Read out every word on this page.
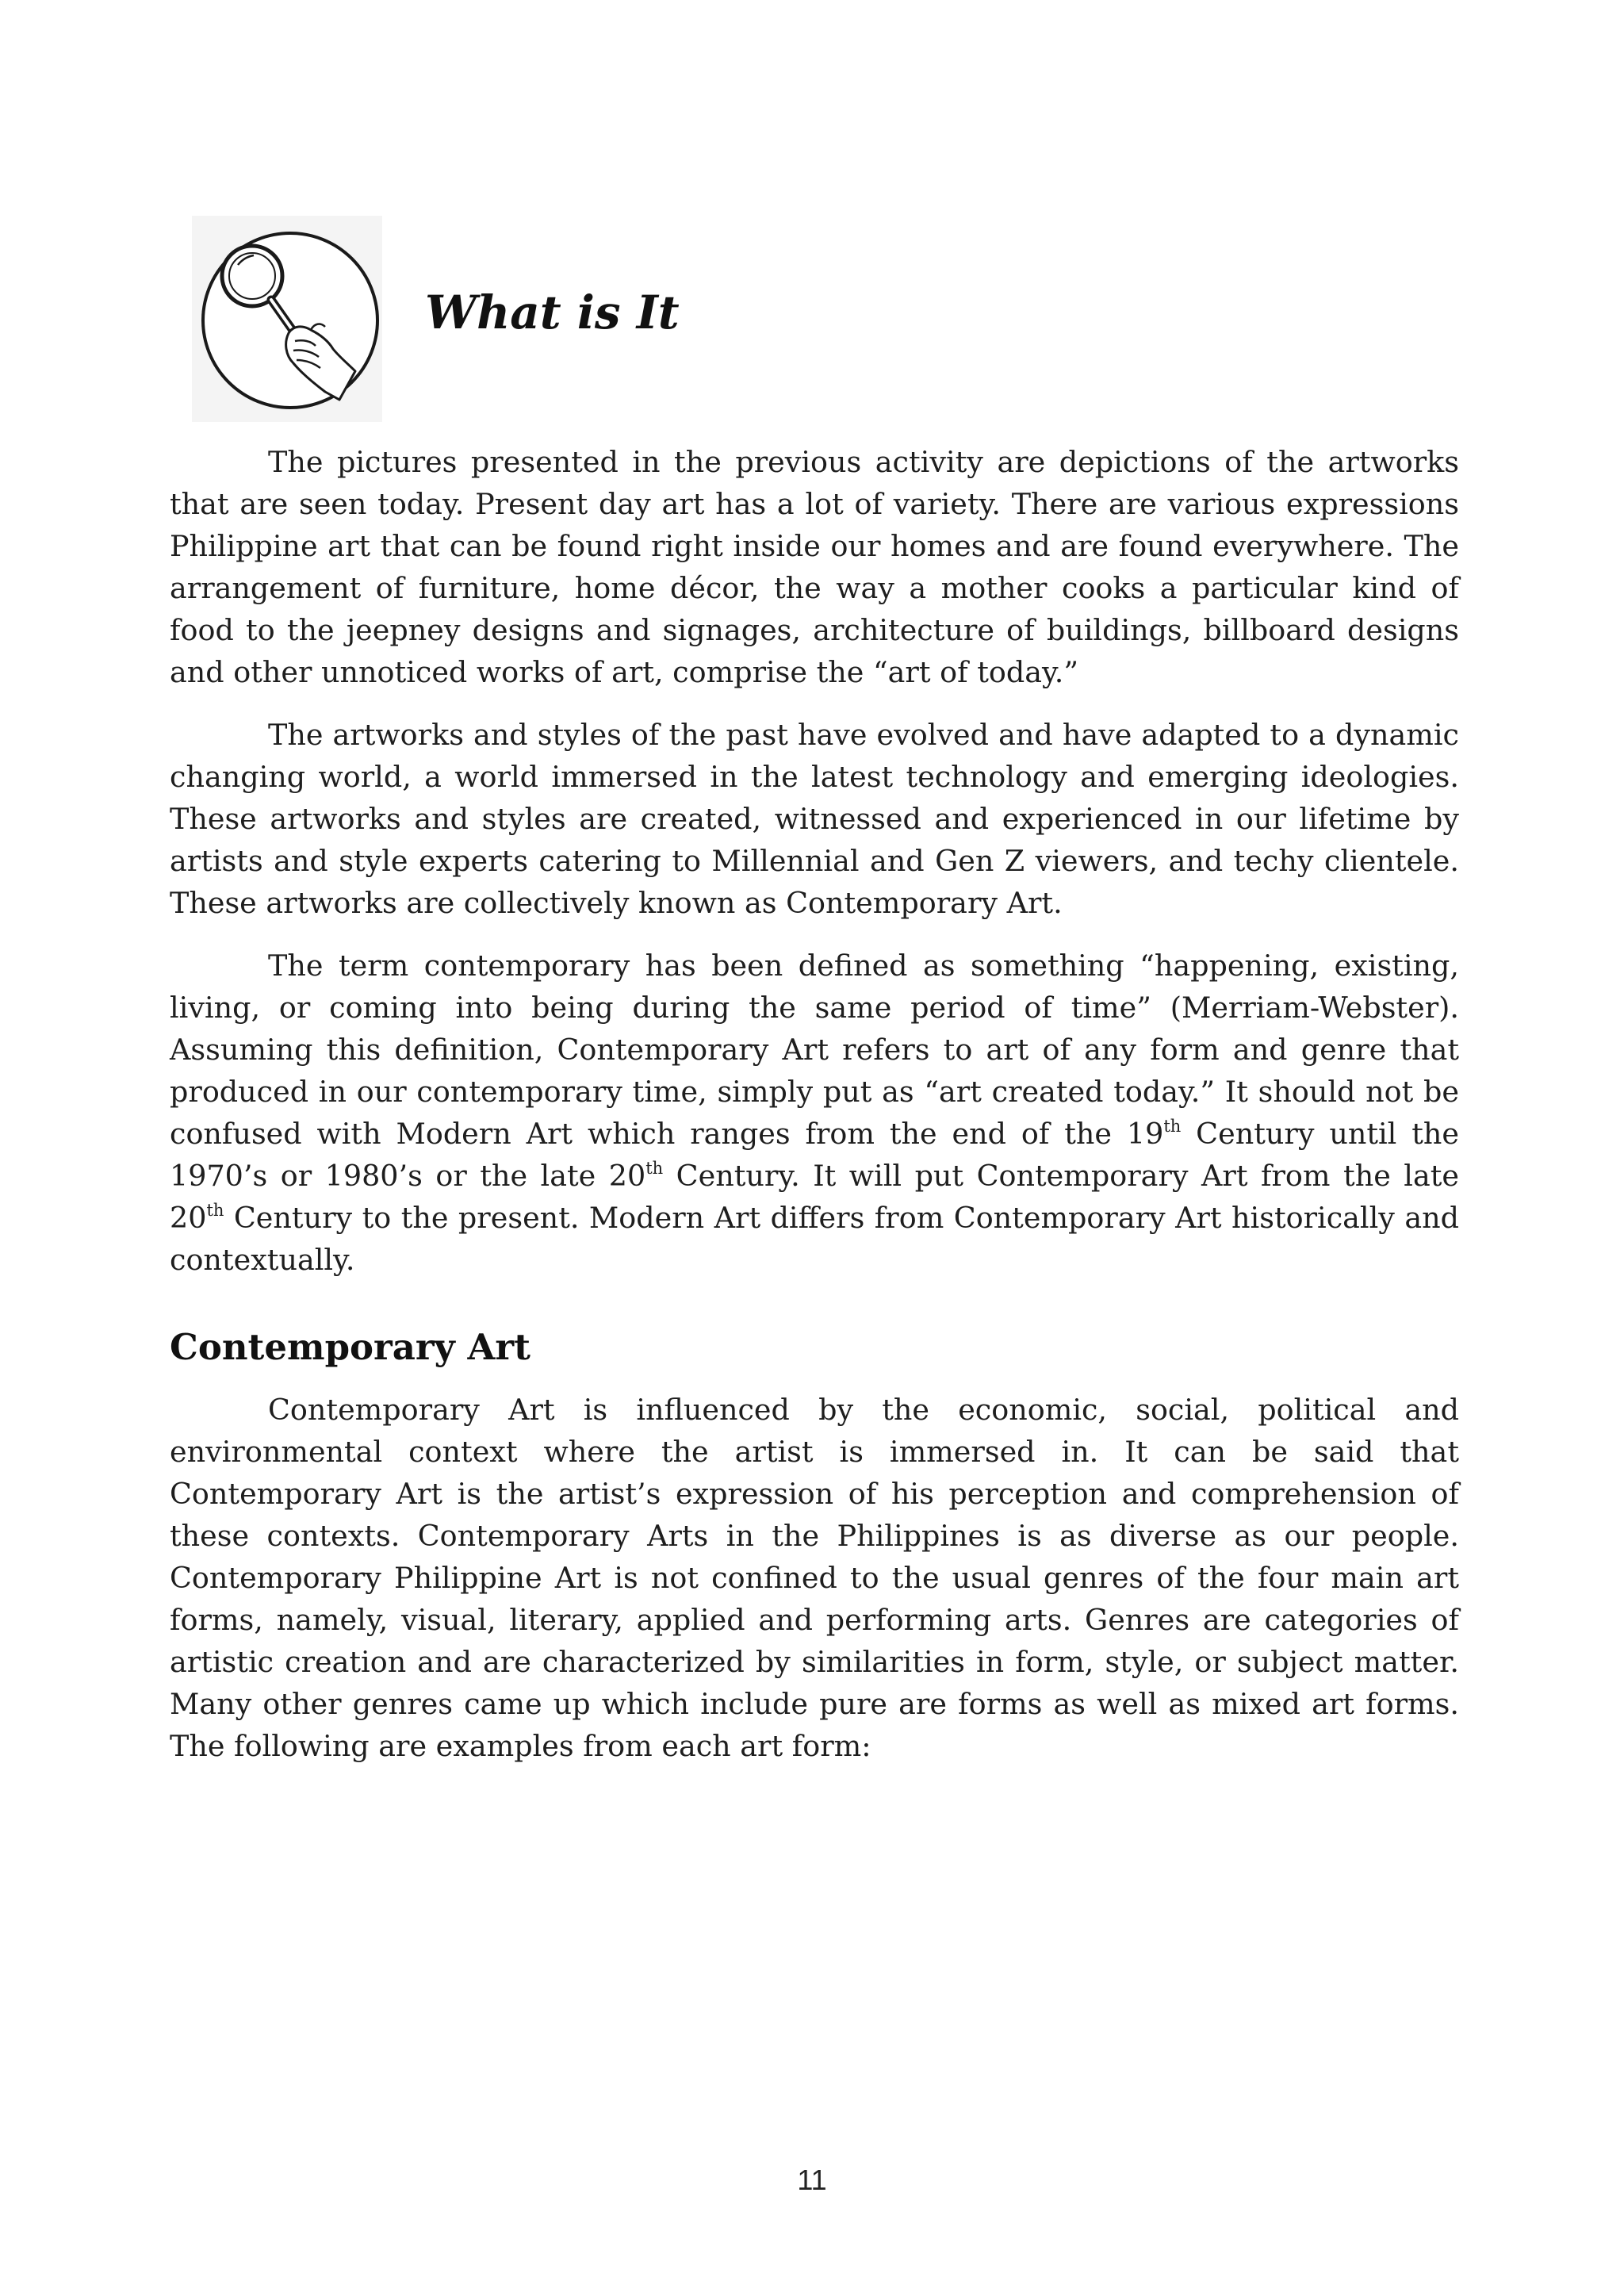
What is It

The pictures presented in the previous activity are depictions of the artworks that are seen today. Present day art has a lot of variety. There are various expressions Philippine art that can be found right inside our homes and are found everywhere. The arrangement of furniture, home décor, the way a mother cooks a particular kind of food to the jeepney designs and signages, architecture of buildings, billboard designs and other unnoticed works of art, comprise the “art of today.”

The artworks and styles of the past have evolved and have adapted to a dynamic changing world, a world immersed in the latest technology and emerging ideologies. These artworks and styles are created, witnessed and experienced in our lifetime by artists and style experts catering to Millennial and Gen Z viewers, and techy clientele. These artworks are collectively known as Contemporary Art.

The term contemporary has been defined as something “happening, existing, living, or coming into being during the same period of time” (Merriam-Webster). Assuming this definition, Contemporary Art refers to art of any form and genre that produced in our contemporary time, simply put as “art created today.” It should not be confused with Modern Art which ranges from the end of the 19th Century until the 1970’s or 1980’s or the late 20th Century. It will put Contemporary Art from the late 20th Century to the present. Modern Art differs from Contemporary Art historically and contextually.

Contemporary Art

Contemporary Art is influenced by the economic, social, political and environmental context where the artist is immersed in. It can be said that Contemporary Art is the artist’s expression of his perception and comprehension of these contexts. Contemporary Arts in the Philippines is as diverse as our people. Contemporary Philippine Art is not confined to the usual genres of the four main art forms, namely, visual, literary, applied and performing arts. Genres are categories of artistic creation and are characterized by similarities in form, style, or subject matter. Many other genres came up which include pure are forms as well as mixed art forms. The following are examples from each art form:

11
